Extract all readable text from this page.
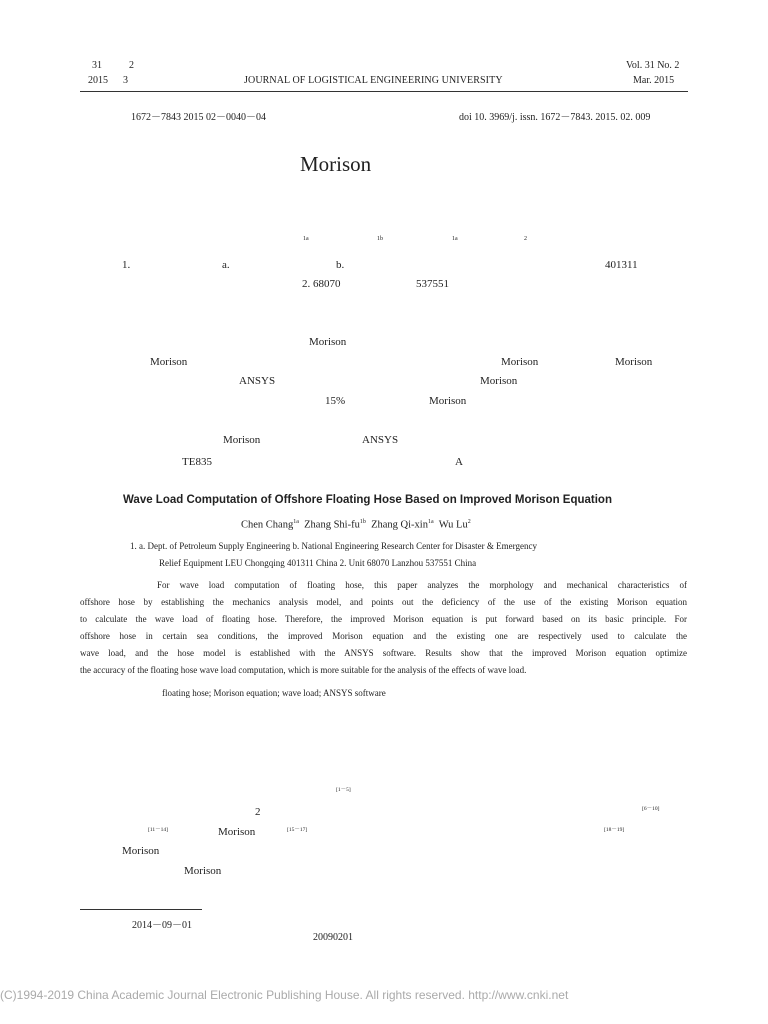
31	2
2015 3	JOURNAL OF LOGISTICAL ENGINEERING UNIVERSITY
Vol. 31 No. 2
Mar. 2015
1672－7843 2015 02－0040－04	doi 10. 3969/j. issn. 1672－7843. 2015. 02. 009
Morison
1a	1b	1a	2
1.	a.	b.	401311
2. 68070	537551
Morison
Morison	Morison	Morison
ANSYS	Morison
15%	Morison
Morison	ANSYS
TE835	A
Wave Load Computation of Offshore Floating Hose Based on Improved Morison Equation
Chen Chang$^{1a}$ Zhang Shi-$fu^{1b}$ Zhang Qi-xin$^{1a}$ Wu Lu$^2$
1. a. Dept. of Petroleum Supply Engineering b. National Engineering Research Center for Disaster & Emergency
Relief Equipment LEU Chongqing 401311 China 2. Unit 68070 Lanzhou 537551 China
For wave load computation of floating hose, this paper analyzes the morphology and mechanical characteristics of
offshore hose by establishing the mechanics analysis model, and points out the deficiency of the use of the existing Morison equation
to calculate the wave load of floating hose. Therefore, the improved Morison equation is put forward based on its basic principle. For
offshore hose in certain sea conditions, the improved Morison equation and the existing one are respectively used to calculate the
wave load, and the hose model is established with the ANSYS software. Results show that the improved Morison equation optimize
the accuracy of the floating hose wave load computation, which is more suitable for the analysis of the effects of wave load.
floating hose; Morison equation; wave load; ANSYS software
[1－5]
2	[6－10]
[11－14]	Morison	[15－17]	[18－19]
Morison
Morison
2014－09－01
20090201
(C)1994-2019 China Academic Journal Electronic Publishing House. All rights reserved. http://www.cnki.net
